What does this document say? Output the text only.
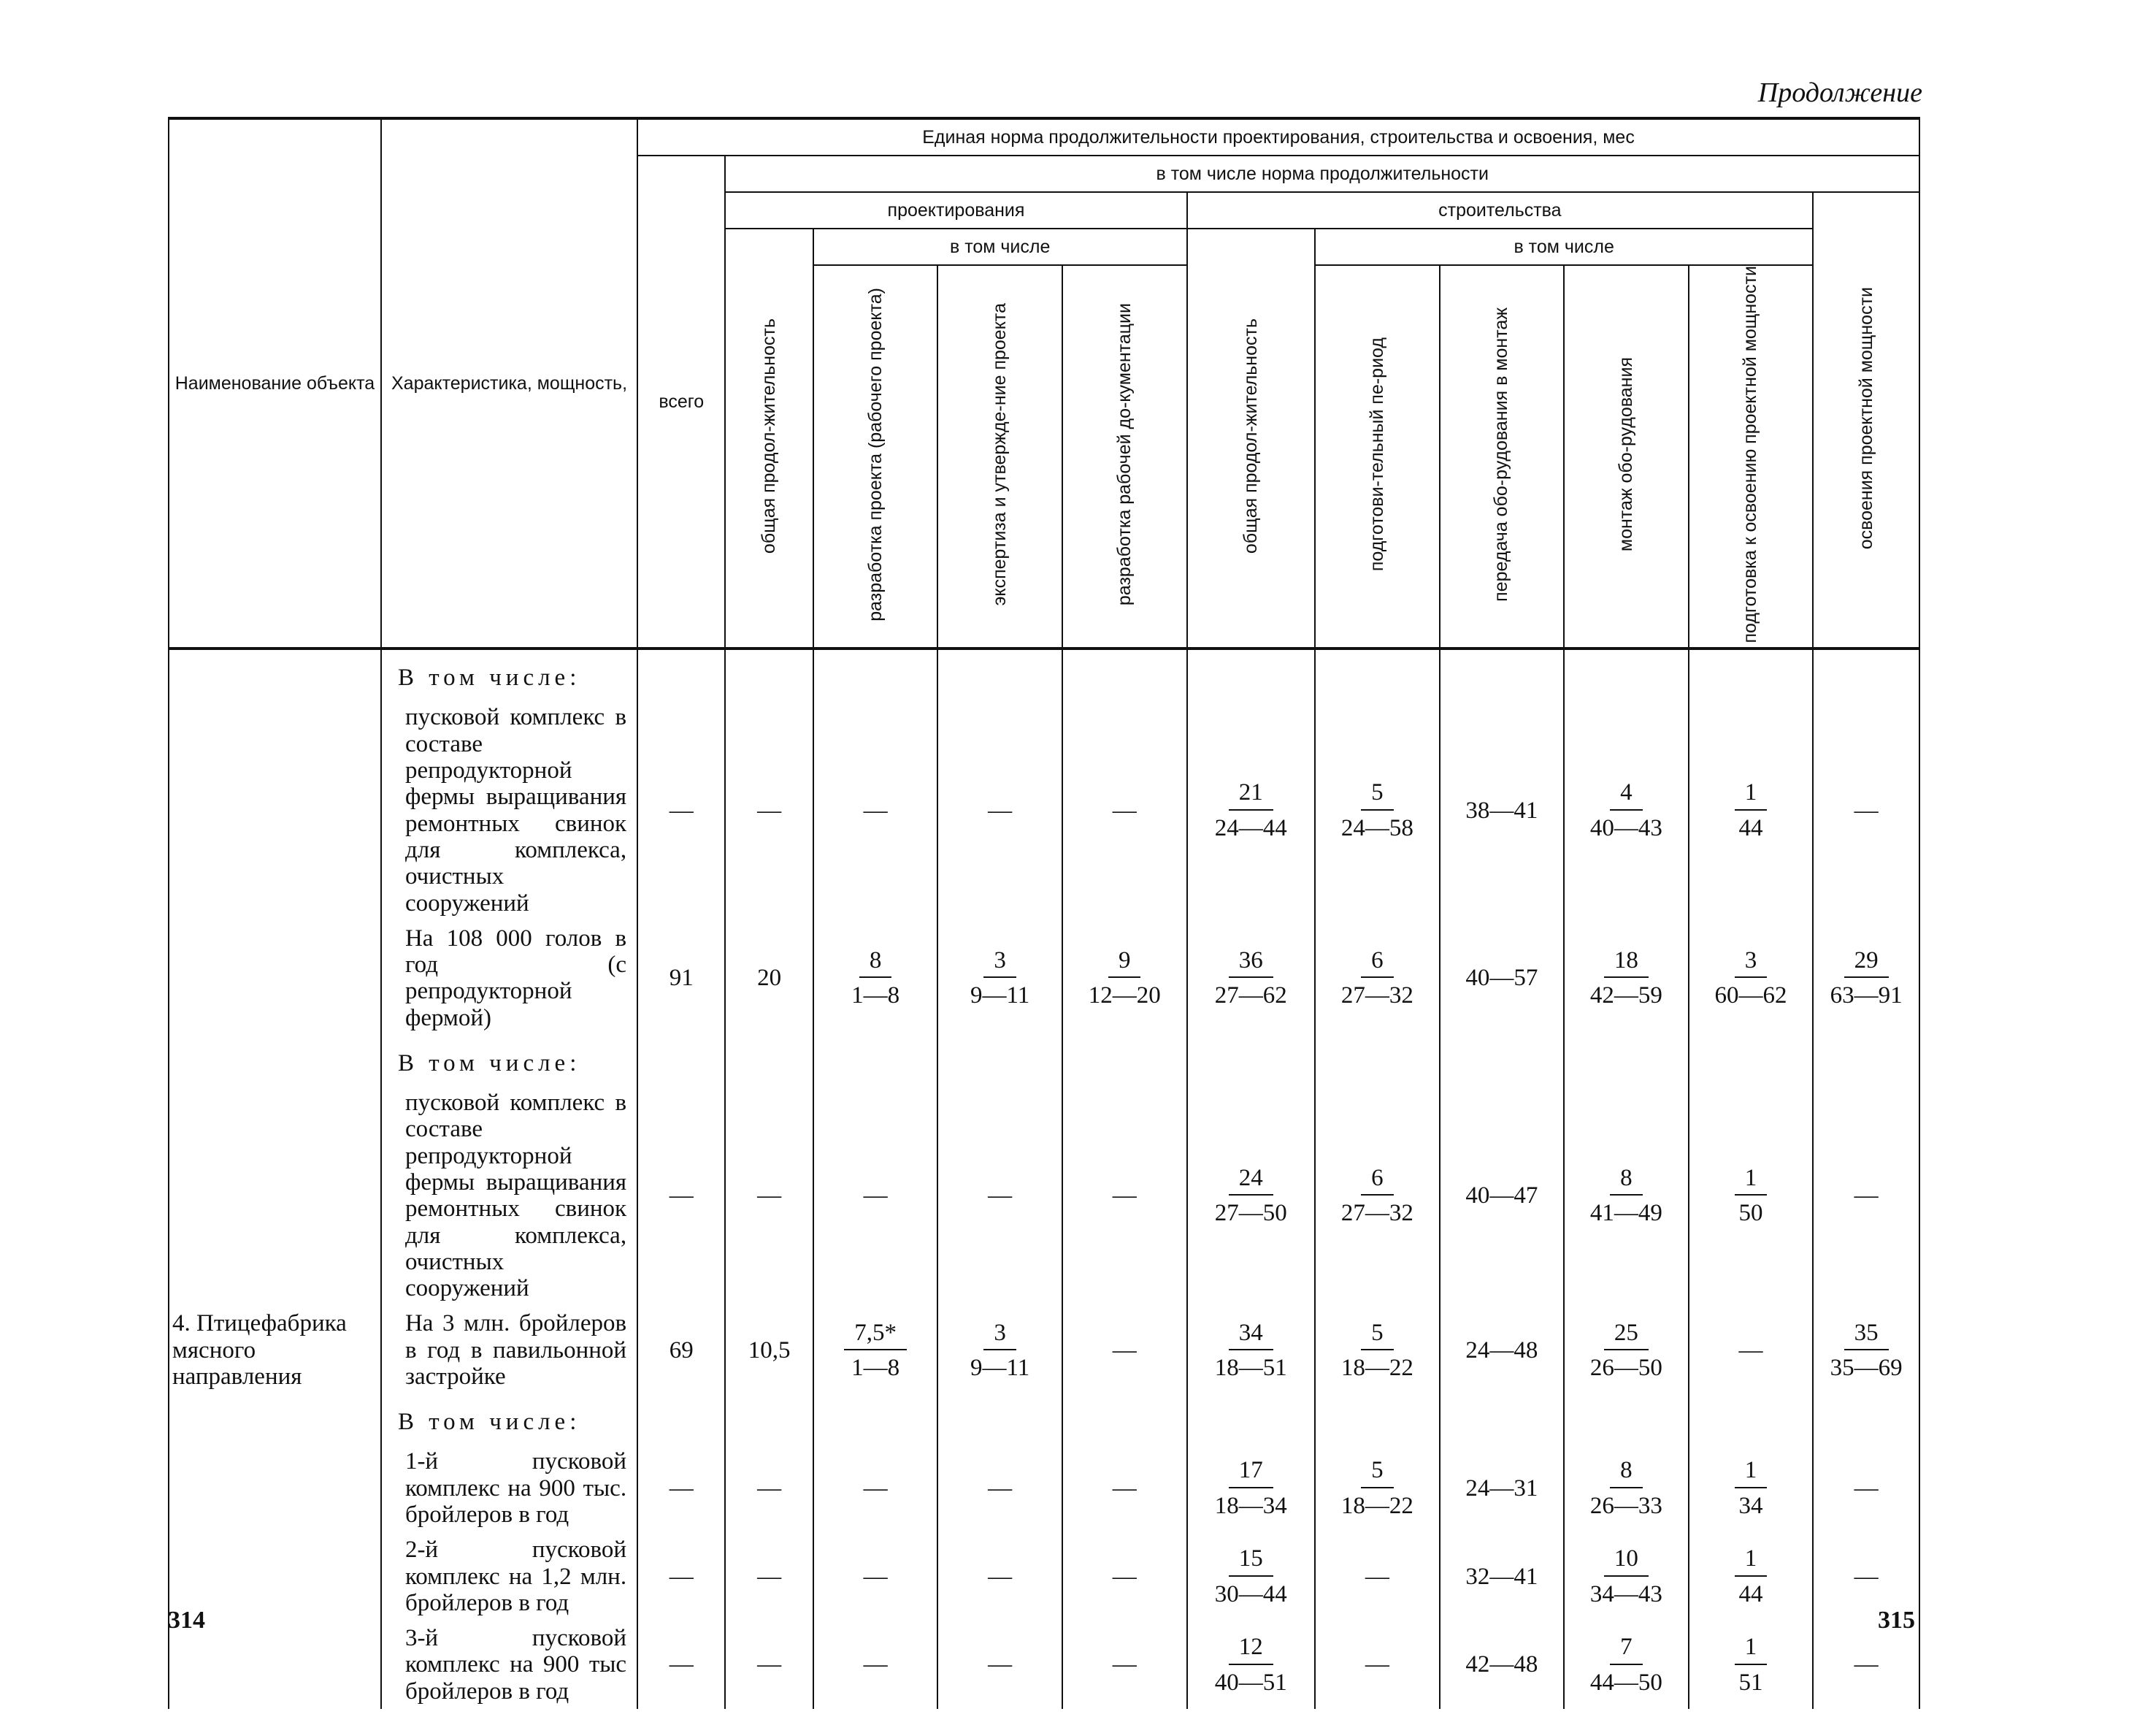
Продолжение
Наименование объекта	Характеристика, мощность,	Единая норма продолжительности проектирования, строительства и освоения, мес										
		всего	в том числе норма продолжительности									
			проектирования				строительства					освоения проектной мощности
			общая продол-жительность	в том числе			общая продол-жительность	в том числе				
				разработка проекта (рабочего проекта)	экспертиза и утвержде-ние проекта	разработка рабочей до-кументации		подготови-тельный пе-риод	передача обо-рудования в монтаж	монтаж обо-рудования	подготовка к освоению проектной мощности	

4. Птицефабрика мясного направления	В том числе:											
	пусковой комплекс в составе репродукторной фермы выращивания ремонтных свинок для комплекса, очистных сооружений	—	—	—	—	—	$\frac{21}{24—44}$	$\frac{5}{24—58}$	38—41	$\frac{4}{40—43}$	$\frac{1}{44}$	—
	На 108 000 голов в год (с репродукторной фермой)	91	20	$\frac{8}{1—8}$	$\frac{3}{9—11}$	$\frac{9}{12—20}$	$\frac{36}{27—62}$	$\frac{6}{27—32}$	40—57	$\frac{18}{42—59}$	$\frac{3}{60—62}$	$\frac{29}{63—91}$

	В том числе:											
	пусковой комплекс в составе репродукторной фермы выращивания ремонтных свинок для комплекса, очистных сооружений	—	—	—	—	—	$\frac{24}{27—50}$	$\frac{6}{27—32}$	40—47	$\frac{8}{41—49}$	$\frac{1}{50}$	—
	На 3 млн. бройлеров в год в павильонной застройке	69	10,5	$\frac{7,5*}{1—8}$	$\frac{3}{9—11}$	—	$\frac{34}{18—51}$	$\frac{5}{18—22}$	24—48	$\frac{25}{26—50}$	—	$\frac{35}{35—69}$

	В том числе:											
	1-й пусковой комплекс на 900 тыс. бройлеров в год	—	—	—	—	—	$\frac{17}{18—34}$	$\frac{5}{18—22}$	24—31	$\frac{8}{26—33}$	$\frac{1}{34}$	—
	2-й пусковой комплекс на 1,2 млн. бройлеров в год	—	—	—	—	—	$\frac{15}{30—44}$	—	32—41	$\frac{10}{34—43}$	$\frac{1}{44}$	—
	3-й пусковой комплекс на 900 тыс бройлеров в год	—	—	—	—	—	$\frac{12}{40—51}$	—	42—48	$\frac{7}{44—50}$	$\frac{1}{51}$	—
314	315
